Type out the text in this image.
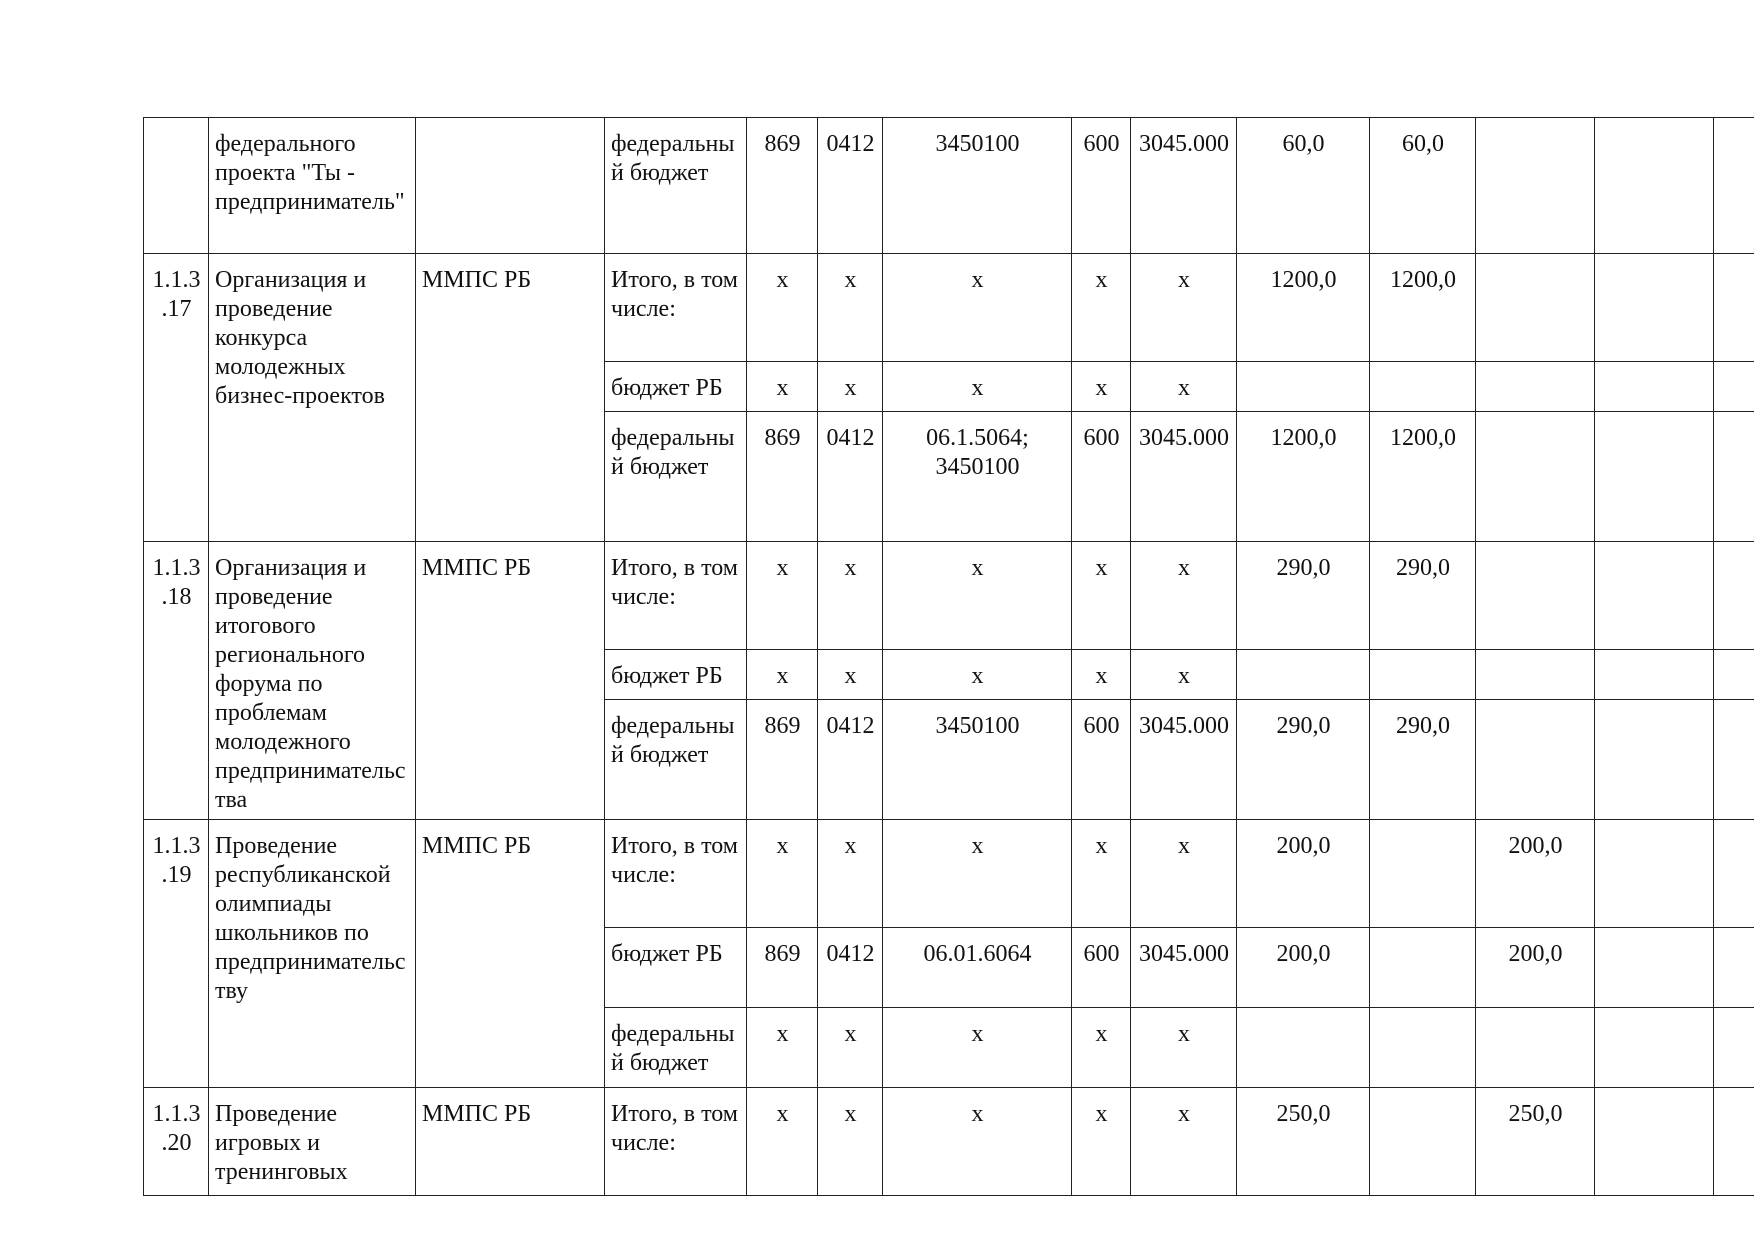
	федерального проекта "Ты - предприниматель"		федеральный бюджет	869	0412	3450100	600	3045.000	60,0	60,0			
1.1.3.17	Организация и проведение конкурса молодежных бизнес-проектов	ММПС РБ	Итого, в том числе:	x	x	x	x	x	1200,0	1200,0			
			бюджет РБ	x	x	x	x	x					
			федеральный бюджет	869	0412	06.1.5064; 3450100	600	3045.000	1200,0	1200,0			
1.1.3.18	Организация и проведение итогового регионального форума по проблемам молодежного предпринимательства	ММПС РБ	Итого, в том числе:	x	x	x	x	x	290,0	290,0			
			бюджет РБ	x	x	x	x	x					
			федеральный бюджет	869	0412	3450100	600	3045.000	290,0	290,0			
1.1.3.19	Проведение республиканской олимпиады школьников по предпринимательству	ММПС РБ	Итого, в том числе:	x	x	x	x	x	200,0		200,0		
			бюджет РБ	869	0412	06.01.6064	600	3045.000	200,0		200,0		
			федеральный бюджет	x	x	x	x	x					
1.1.3.20	Проведение игровых и тренинговых	ММПС РБ	Итого, в том числе:	x	x	x	x	x	250,0		250,0		
